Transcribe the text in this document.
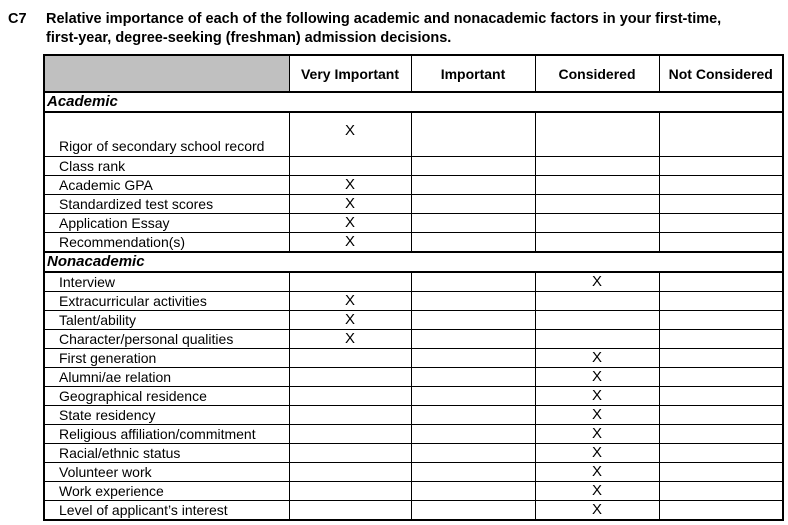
C7 Relative importance of each of the following academic and nonacademic factors in your first-time,
first-year, degree-seeking (freshman) admission decisions.
	Very Important	Important	Considered	Not Considered
Academic				
Rigor of secondary school record	X			
Class rank				
Academic GPA	X			
Standardized test scores	X			
Application Essay	X			
Recommendation(s)	X			
Nonacademic				
Interview			X	
Extracurricular activities	X			
Talent/ability	X			
Character/personal qualities	X			
First generation			X	
Alumni/ae relation			X	
Geographical residence			X	
State residency			X	
Religious affiliation/commitment			X	
Racial/ethnic status			X	
Volunteer work			X	
Work experience			X	
Level of applicant’s interest			X	
